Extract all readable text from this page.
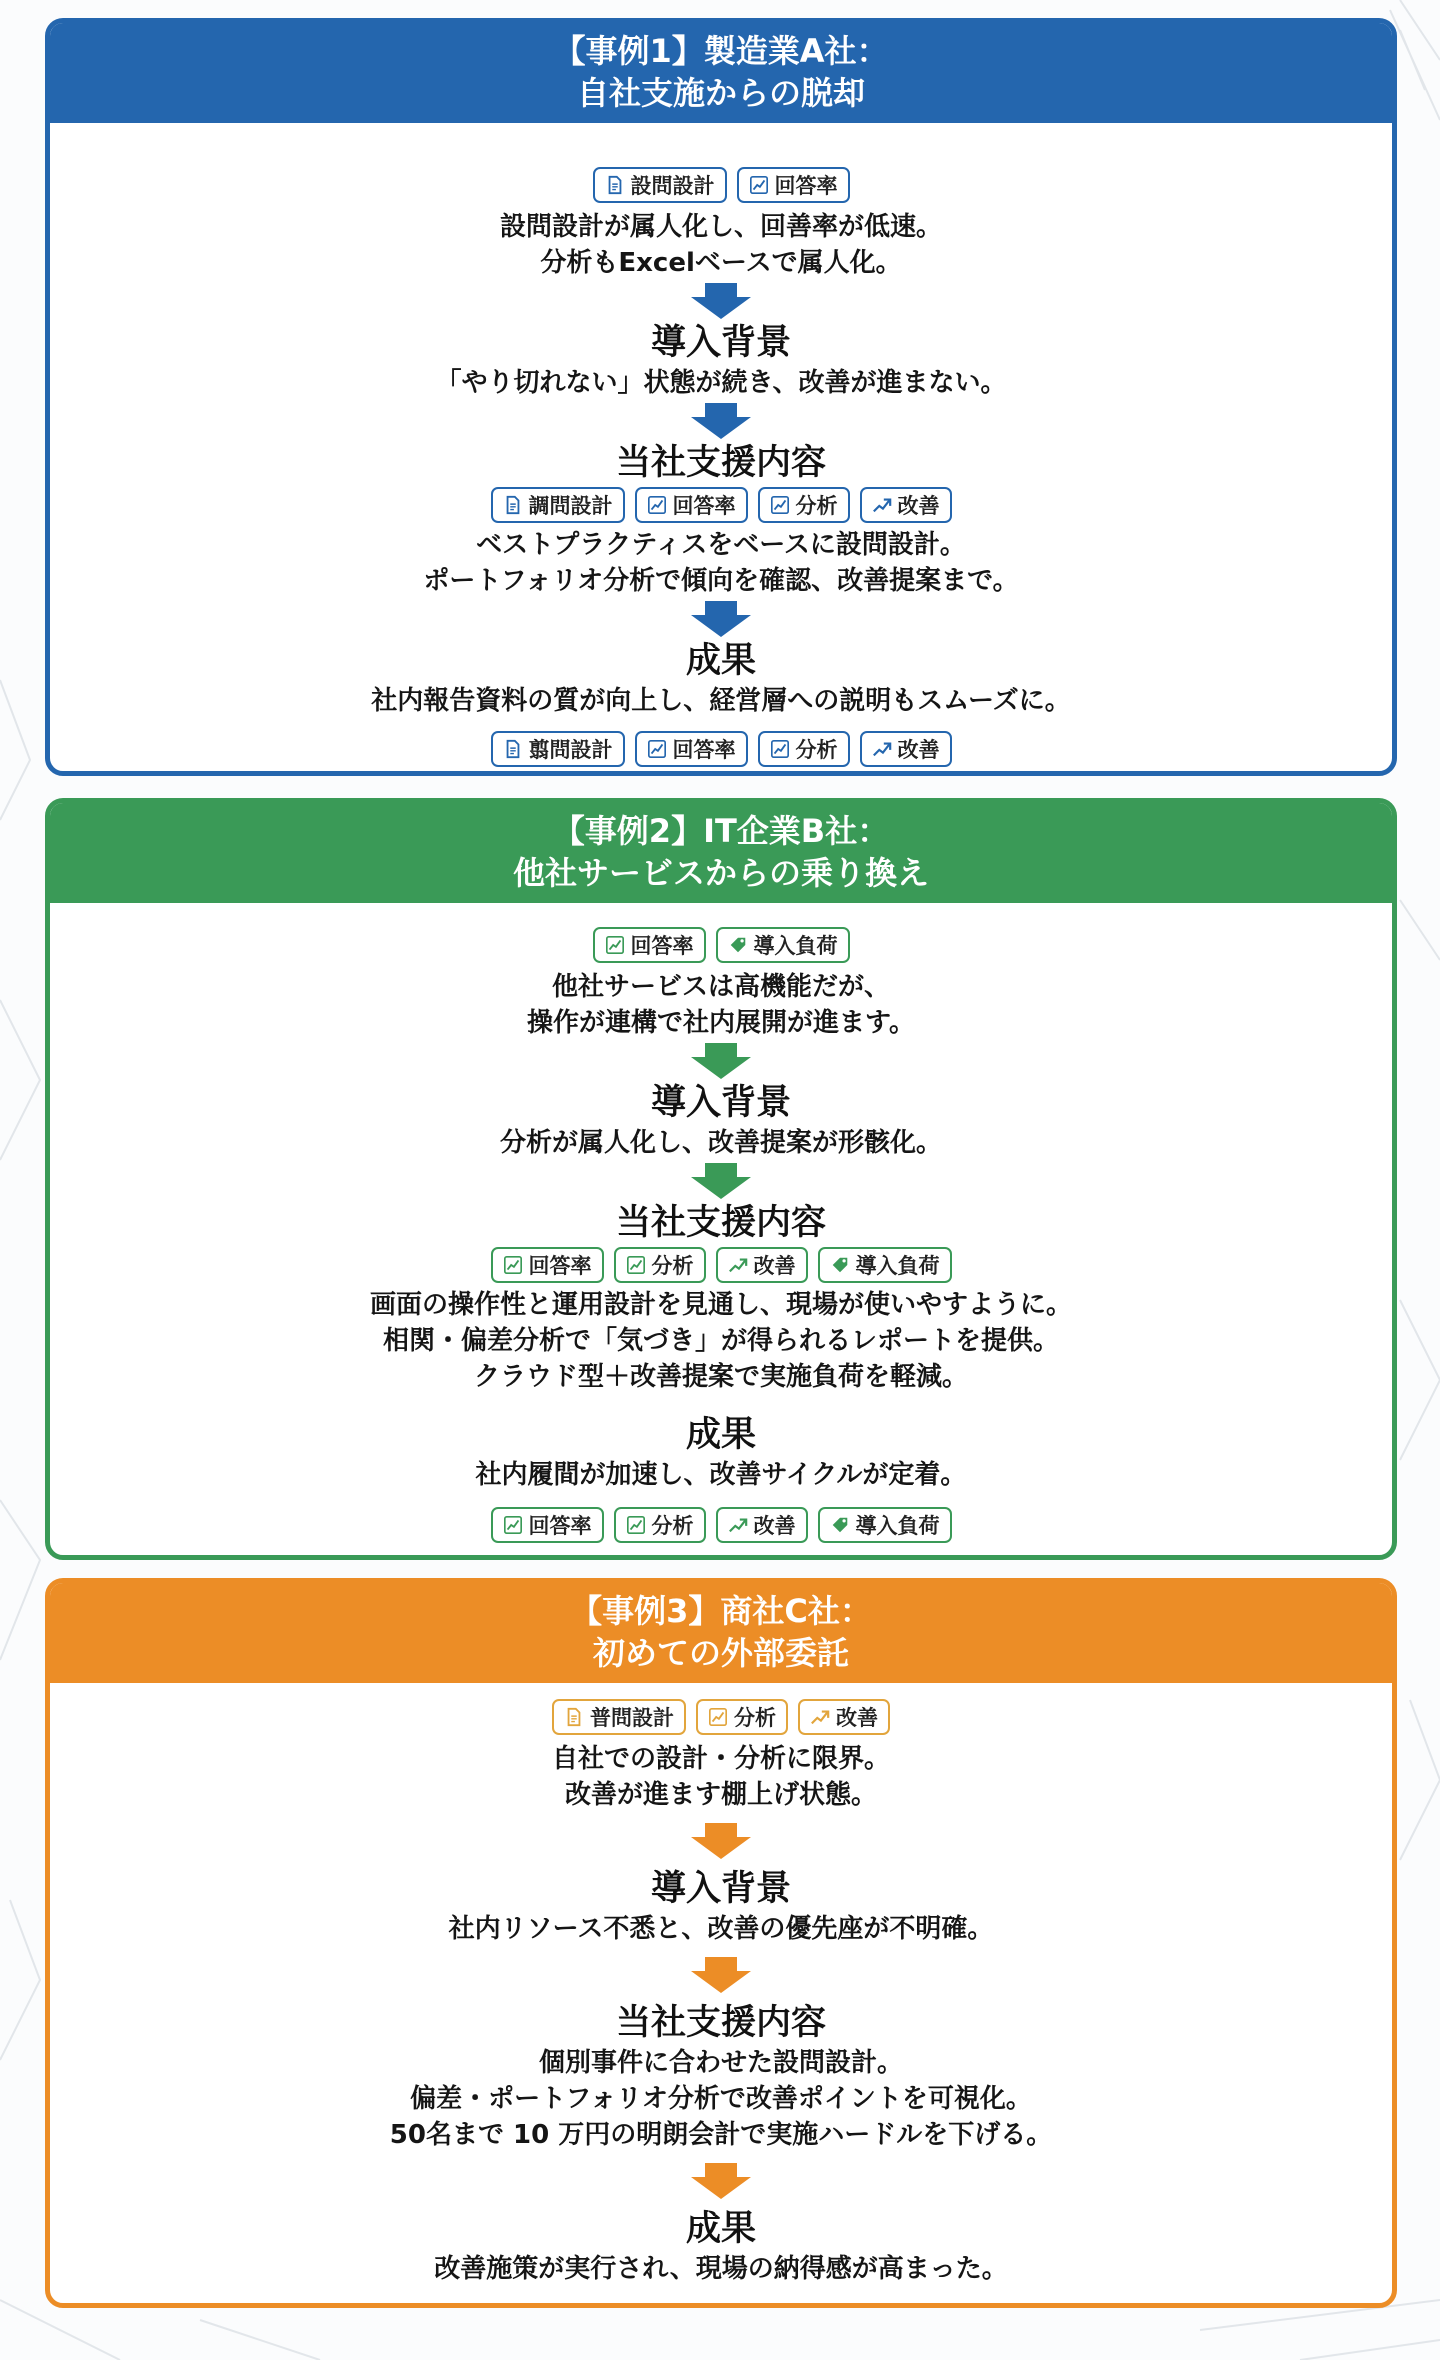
【事例1】製造業A社：
自社支施からの脱却
設問設計	回答率
設問設計が属人化し、回善率が低速。
分析もExcelベースで属人化。
導入背景
「やり切れない」状態が続き、改善が進まない。
当社支援内容
調問設計	回答率	分析	改善
ベストプラクティスをベースに設問設計。
ポートフォリオ分析で傾向を確認、改善提案まで。
成果
社内報告資料の質が向上し、経営層への説明もスムーズに。
翦問設計	回答率	分析	改善
【事例2】IT企業B社：
他社サービスからの乗り換え
回答率	導入負荷
他社サービスは高機能だが、
操作が連構で社内展開が進ます。
導入背景
分析が属人化し、改善提案が形骸化。
当社支援内容
回答率	分析	改善	導入負荷
画面の操作性と運用設計を見通し、現場が使いやすように。
相関・偏差分析で「気づき」が得られるレポートを提供。
クラウド型＋改善提案で実施負荷を軽減。
成果
社内履間が加速し、改善サイクルが定着。
回答率	分析	改善	導入負荷
【事例3】商社C社：
初めての外部委託
普問設計	分析	改善
自社での設計・分析に限界。
改善が進ます棚上げ状態。
導入背景
社内リソース不悉と、改善の優先座が不明確。
当社支援内容
個別事件に合わせた設問設計。
偏差・ポートフォリオ分析で改善ポイントを可視化。
50名まで 10 万円の明朗会計で実施ハードルを下げる。
成果
改善施策が実行され、現場の納得感が高まった。
